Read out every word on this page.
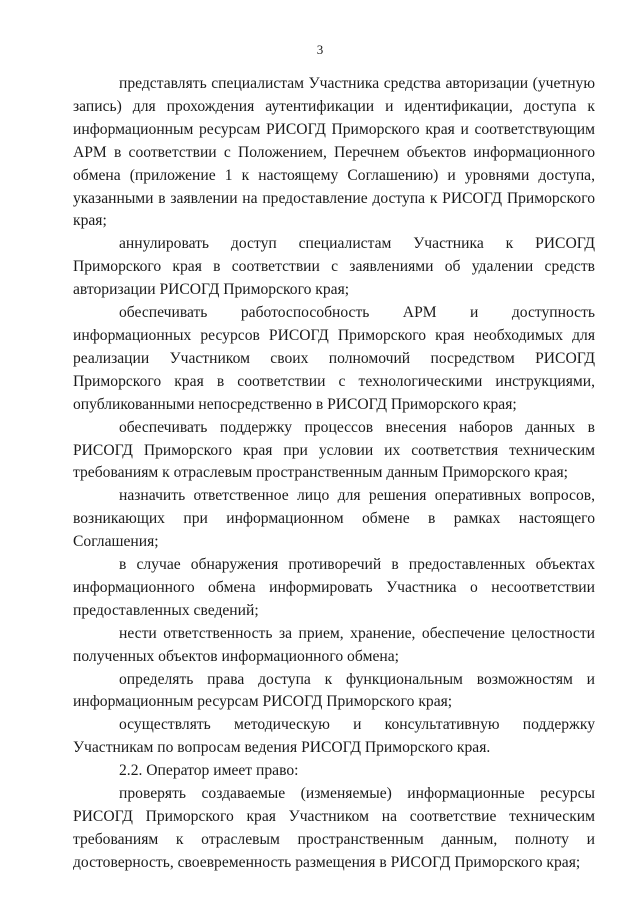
3

представлять специалистам Участника средства авторизации (учетную запись) для прохождения аутентификации и идентификации, доступа к информационным ресурсам РИСОГД Приморского края и соответствующим АРМ в соответствии с Положением, Перечнем объектов информационного обмена (приложение 1 к настоящему Соглашению) и уровнями доступа, указанными в заявлении на предоставление доступа к РИСОГД Приморского края;

аннулировать доступ специалистам Участника к РИСОГД Приморского края в соответствии с заявлениями об удалении средств авторизации РИСОГД Приморского края;

обеспечивать работоспособность АРМ и доступность информационных ресурсов РИСОГД Приморского края необходимых для реализации Участником своих полномочий посредством РИСОГД Приморского края в соответствии с технологическими инструкциями, опубликованными непосредственно в РИСОГД Приморского края;

обеспечивать поддержку процессов внесения наборов данных в РИСОГД Приморского края при условии их соответствия техническим требованиям к отраслевым пространственным данным Приморского края;

назначить ответственное лицо для решения оперативных вопросов, возникающих при информационном обмене в рамках настоящего Соглашения;

в случае обнаружения противоречий в предоставленных объектах информационного обмена информировать Участника о несоответствии предоставленных сведений;

нести ответственность за прием, хранение, обеспечение целостности полученных объектов информационного обмена;

определять права доступа к функциональным возможностям и информационным ресурсам РИСОГД Приморского края;

осуществлять методическую и консультативную поддержку Участникам по вопросам ведения РИСОГД Приморского края.

2.2. Оператор имеет право:

проверять создаваемые (изменяемые) информационные ресурсы РИСОГД Приморского края Участником на соответствие техническим требованиям к отраслевым пространственным данным, полноту и достоверность, своевременность размещения в РИСОГД Приморского края;
